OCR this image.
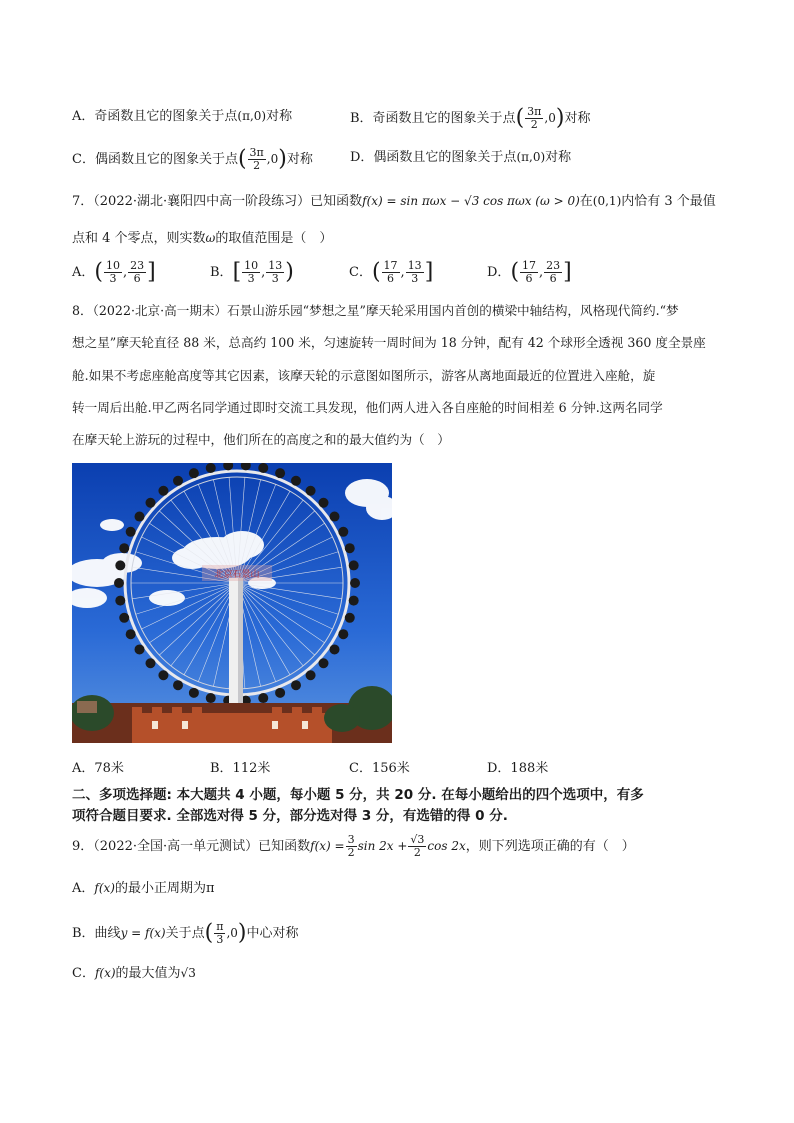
A．奇函数且它的图象关于点(π,0)对称	B．奇函数且它的图象关于点( $\frac{3\pi}{2} ,0$)对称
C．偶函数且它的图象关于点( $\frac{3\pi}{2} ,0$)对称	D．偶函数且它的图象关于点(π,0)对称
7．（2022·湖北·襄阳四中高一阶段练习）已知函数f(x) = sin πωx − √3 cos πωx (ω > 0)在(0,1)内恰有 3 个最值
点和 4 个零点，则实数ω的取值范围是（　）
A．( $\frac{10}{3}$ , $\frac{23}{6}$ ]	B．[ $\frac{10}{3}$ , $\frac{13}{3}$ )	C．( $\frac{17}{6}$ , $\frac{13}{3}$ ]	D．( $\frac{17}{6}$ , $\frac{23}{6}$ ]
8．（2022·北京·高一期末）石景山游乐园“梦想之星”摩天轮采用国内首创的横梁中轴结构，风格现代简约.“梦
想之星”摩天轮直径 88 米，总高约 100 米，匀速旋转一周时间为 18 分钟，配有 42 个球形全透视 360 度全景座
舱.如果不考虑座舱高度等其它因素，该摩天轮的示意图如图所示，游客从离地面最近的位置进入座舱，旋
转一周后出舱.甲乙两名同学通过即时交流工具发现，他们两人进入各自座舱的时间相差 6 分钟.这两名同学
在摩天轮上游玩的过程中，他们所在的高度之和的最大值约为（　）
北京石景山
A．78米	B．112米	C．156米	D．188米
二、多项选择题: 本大题共 4 小题，每小题 5 分，共 20 分. 在每小题给出的四个选项中，有多
项符合题目要求. 全部选对得 5 分，部分选对得 3 分，有选错的得 0 分.
9．（2022·全国·高一单元测试）已知函数$f(x) = \frac{3}{2}$ $\sin 2x + \frac{√3}{2}$ cos 2x，则下列选项正确的有（　）
A．f(x)的最小正周期为π
B．曲线y = f(x)关于点( $\frac{\pi}{3} ,0$)中心对称
C．f(x)的最大值为√3
